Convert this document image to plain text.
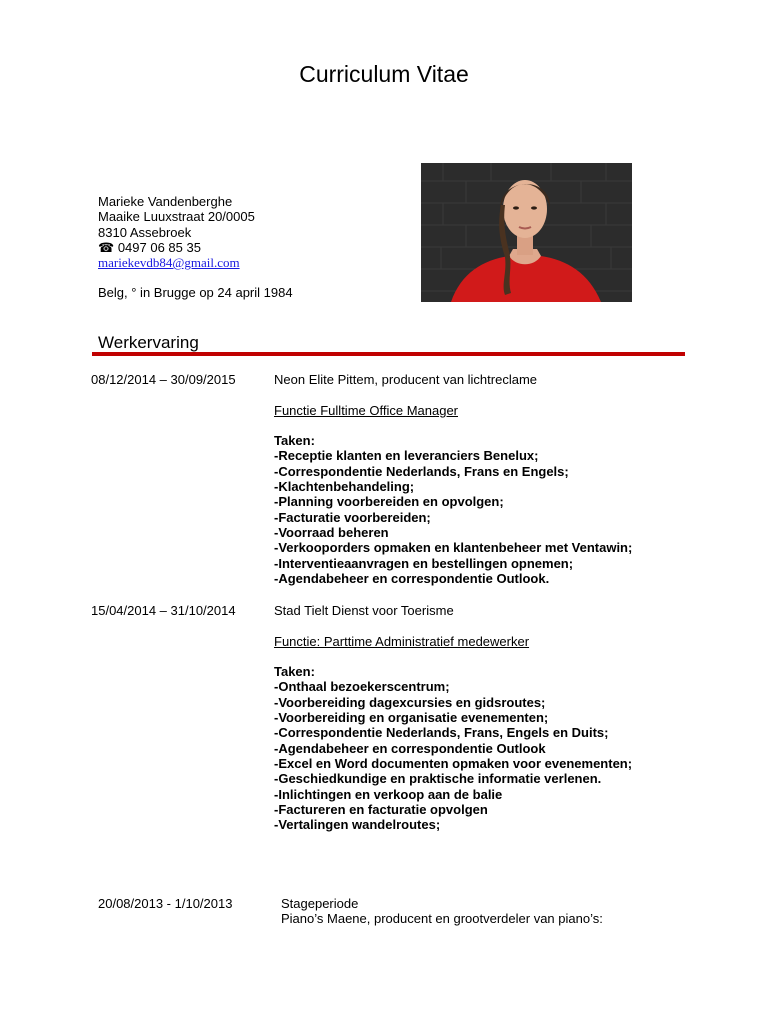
Curriculum Vitae
Marieke Vandenberghe
Maaike Luuxstraat 20/0005
8310 Assebroek
☎ 0497 06 85 35
mariekevdb84@gmail.com
Belg, ° in Brugge op 24 april 1984
Werkervaring
08/12/2014 – 30/09/2015	Neon Elite Pittem, producent van lichtreclame
Functie Fulltime Office Manager
Taken:
-Receptie klanten en leveranciers Benelux;
-Correspondentie Nederlands, Frans en Engels;
-Klachtenbehandeling;
-Planning voorbereiden en opvolgen;
-Facturatie voorbereiden;
-Voorraad beheren
-Verkooporders opmaken en klantenbeheer met Ventawin;
-Interventieaanvragen en bestellingen opnemen;
-Agendabeheer en correspondentie Outlook.
15/04/2014 – 31/10/2014	Stad Tielt Dienst voor Toerisme
Functie: Parttime Administratief medewerker
Taken:
-Onthaal bezoekerscentrum;
-Voorbereiding dagexcursies en gidsroutes;
-Voorbereiding en organisatie evenementen;
-Correspondentie Nederlands, Frans, Engels en Duits;
-Agendabeheer en correspondentie Outlook
-Excel en Word documenten opmaken voor evenementen;
-Geschiedkundige en praktische informatie verlenen.
-Inlichtingen en verkoop aan de balie
-Factureren en facturatie opvolgen
-Vertalingen wandelroutes;
20/08/2013 - 1/10/2013	Stageperiode
Piano’s Maene, producent en grootverdeler van piano’s:
